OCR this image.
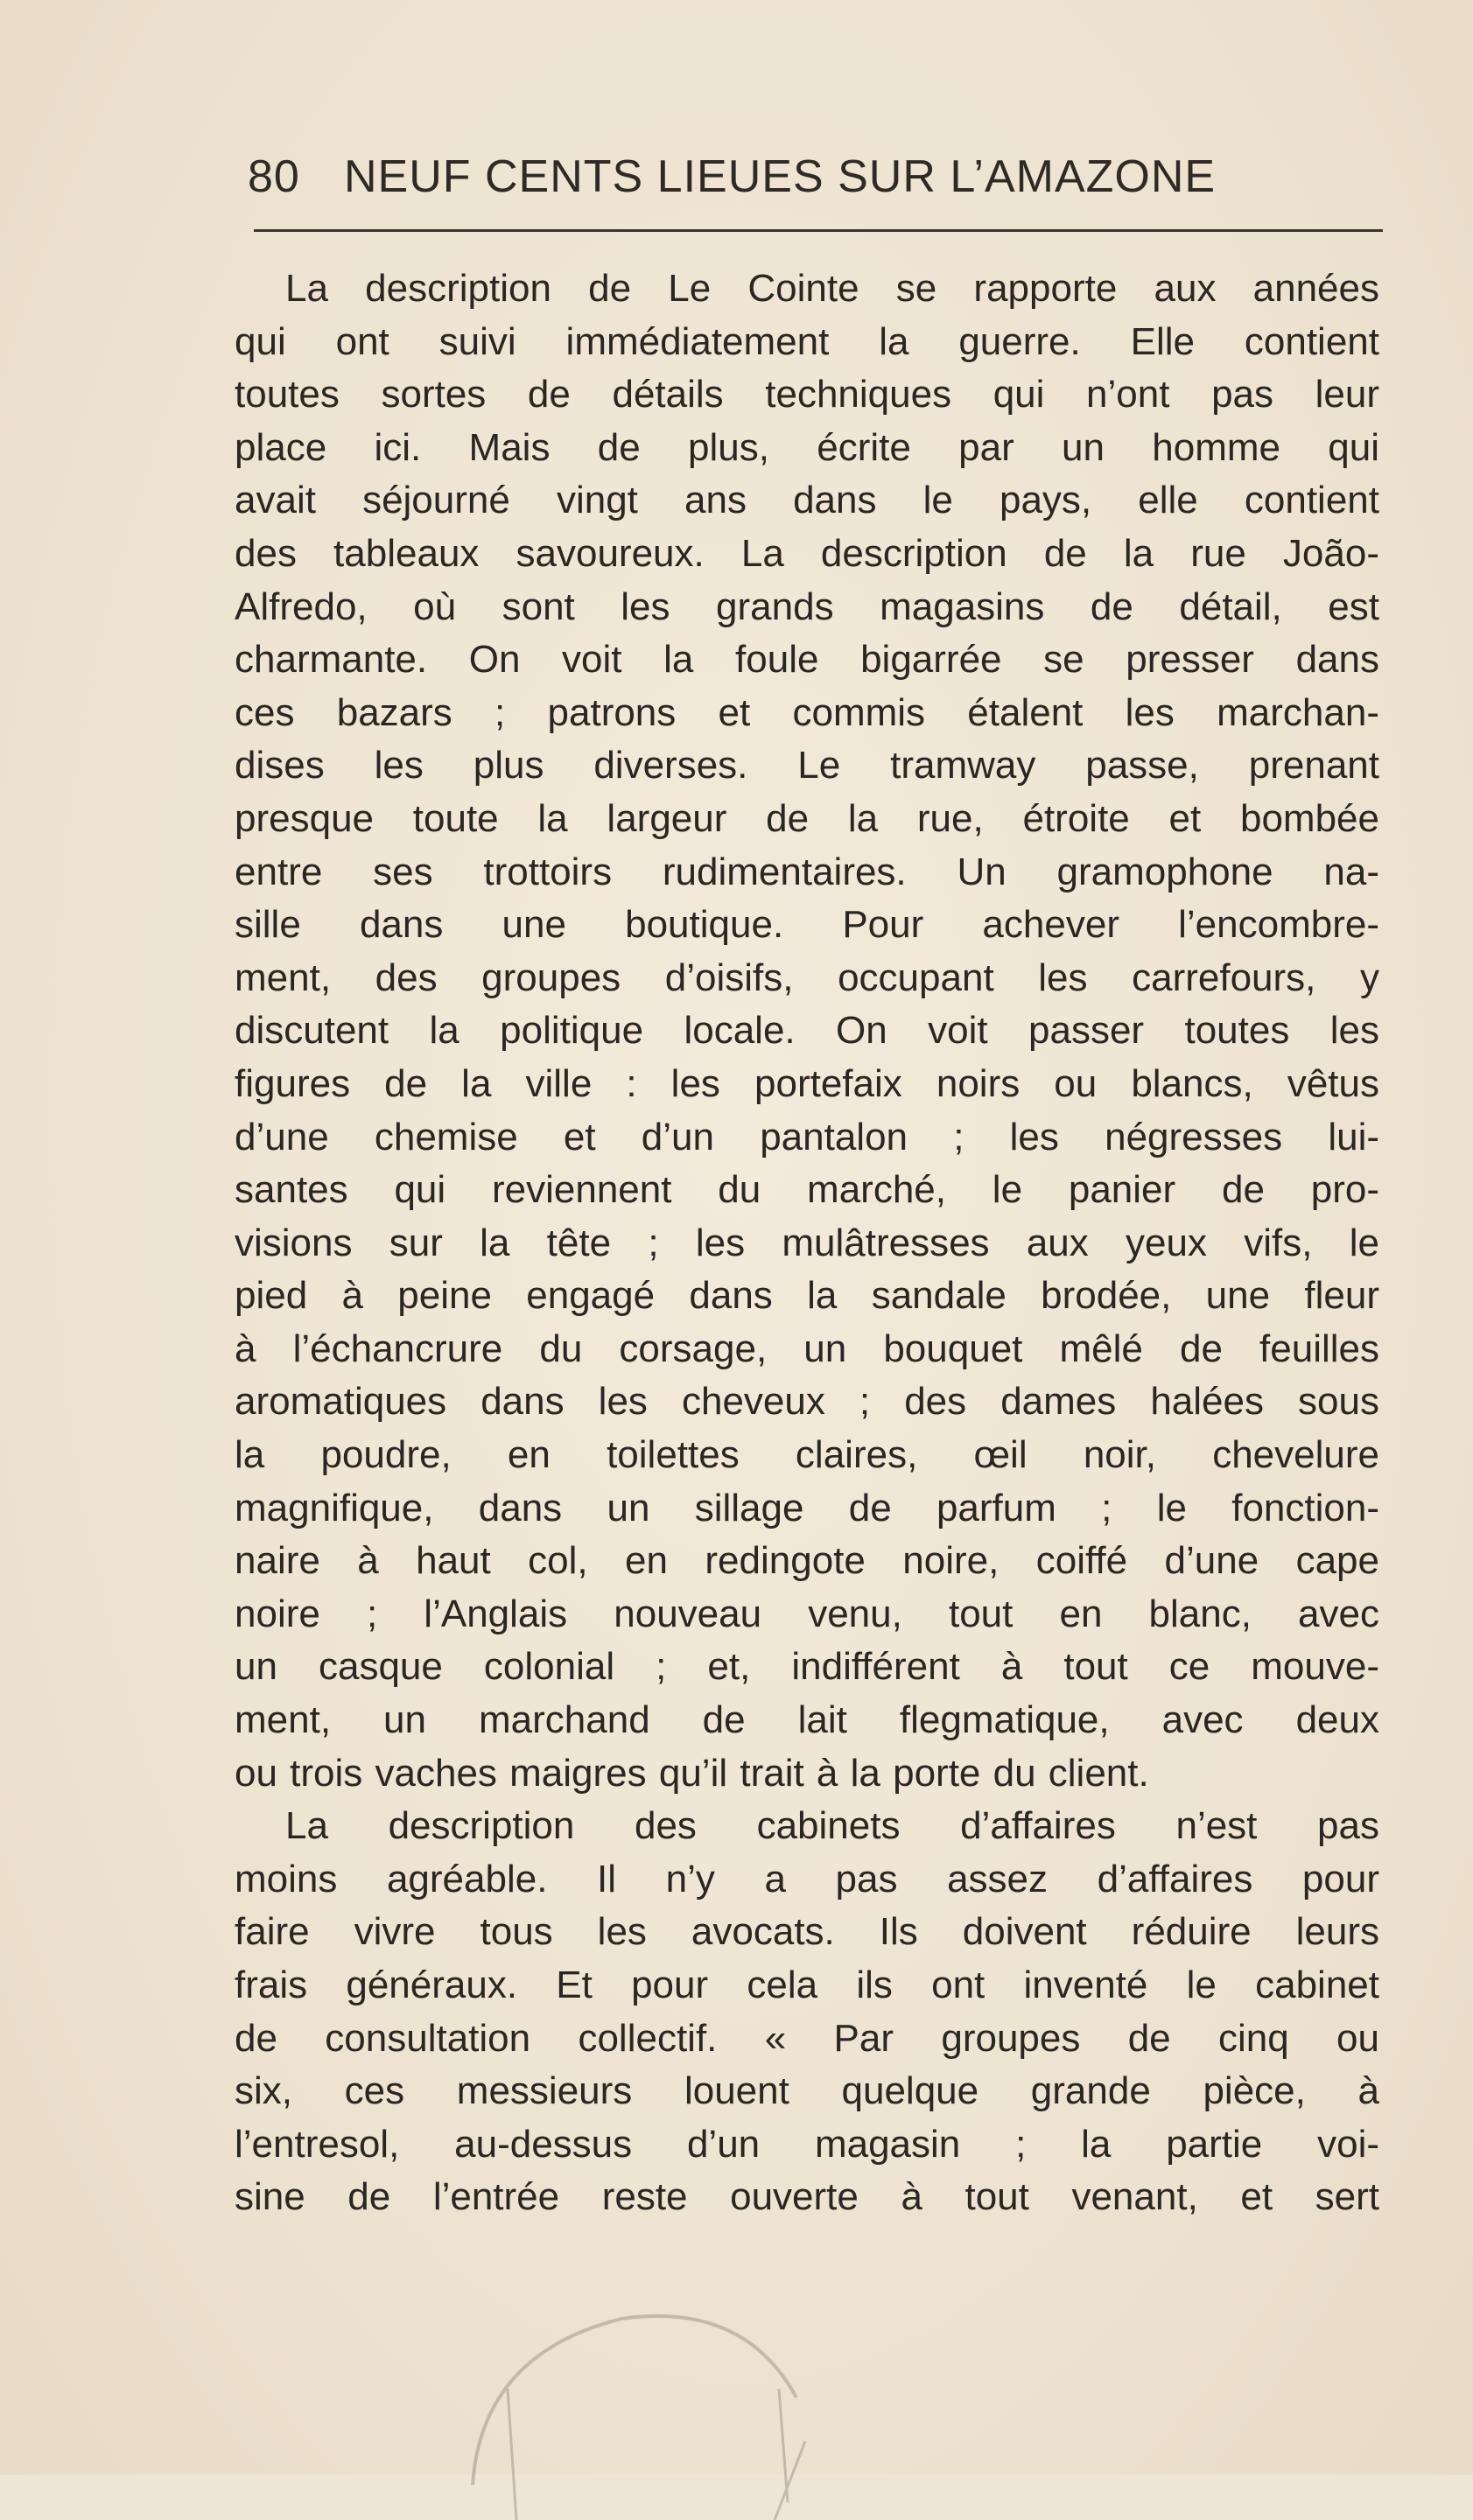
80 NEUF CENTS LIEUES SUR L’AMAZONE
La description de Le Cointe se rapporte aux années
qui ont suivi immédiatement la guerre. Elle contient
toutes sortes de détails techniques qui n’ont pas leur
place ici. Mais de plus, écrite par un homme qui
avait séjourné vingt ans dans le pays, elle contient
des tableaux savoureux. La description de la rue João-
Alfredo, où sont les grands magasins de détail, est
charmante. On voit la foule bigarrée se presser dans
ces bazars ; patrons et commis étalent les marchan-
dises les plus diverses. Le tramway passe, prenant
presque toute la largeur de la rue, étroite et bombée
entre ses trottoirs rudimentaires. Un gramophone na-
sille dans une boutique. Pour achever l’encombre-
ment, des groupes d’oisifs, occupant les carrefours, y
discutent la politique locale. On voit passer toutes les
figures de la ville : les portefaix noirs ou blancs, vêtus
d’une chemise et d’un pantalon ; les négresses lui-
santes qui reviennent du marché, le panier de pro-
visions sur la tête ; les mulâtresses aux yeux vifs, le
pied à peine engagé dans la sandale brodée, une fleur
à l’échancrure du corsage, un bouquet mêlé de feuilles
aromatiques dans les cheveux ; des dames halées sous
la poudre, en toilettes claires, œil noir, chevelure
magnifique, dans un sillage de parfum ; le fonction-
naire à haut col, en redingote noire, coiffé d’une cape
noire ; l’Anglais nouveau venu, tout en blanc, avec
un casque colonial ; et, indifférent à tout ce mouve-
ment, un marchand de lait flegmatique, avec deux
ou trois vaches maigres qu’il trait à la porte du client.
La description des cabinets d’affaires n’est pas
moins agréable. Il n’y a pas assez d’affaires pour
faire vivre tous les avocats. Ils doivent réduire leurs
frais généraux. Et pour cela ils ont inventé le cabinet
de consultation collectif. « Par groupes de cinq ou
six, ces messieurs louent quelque grande pièce, à
l’entresol, au-dessus d’un magasin ; la partie voi-
sine de l’entrée reste ouverte à tout venant, et sert
